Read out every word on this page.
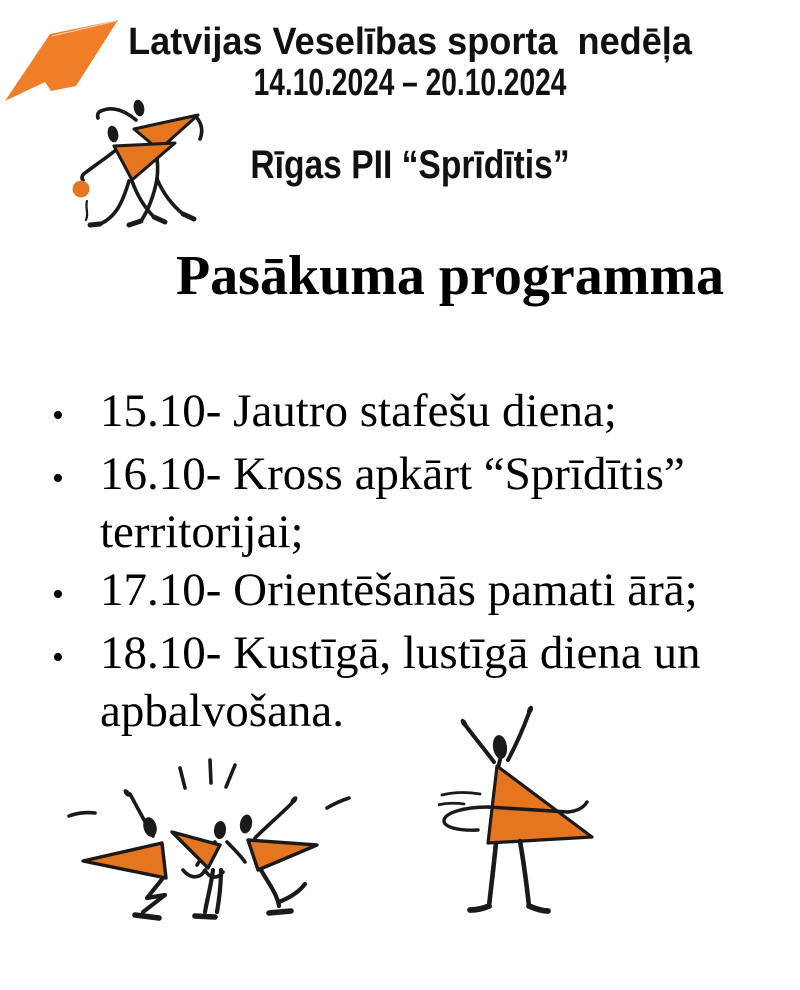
Latvijas Veselības sporta  nedēļa
14.10.2024 – 20.10.2024
Rīgas PII “Sprīdītis”
Pasākuma programma
• 15.10- Jautro stafešu diena;
• 16.10- Kross apkārt “Sprīdītis” territorijai;
• 17.10- Orientēšanās pamati ārā;
• 18.10- Kustīgā, lustīgā diena un apbalvošana.
